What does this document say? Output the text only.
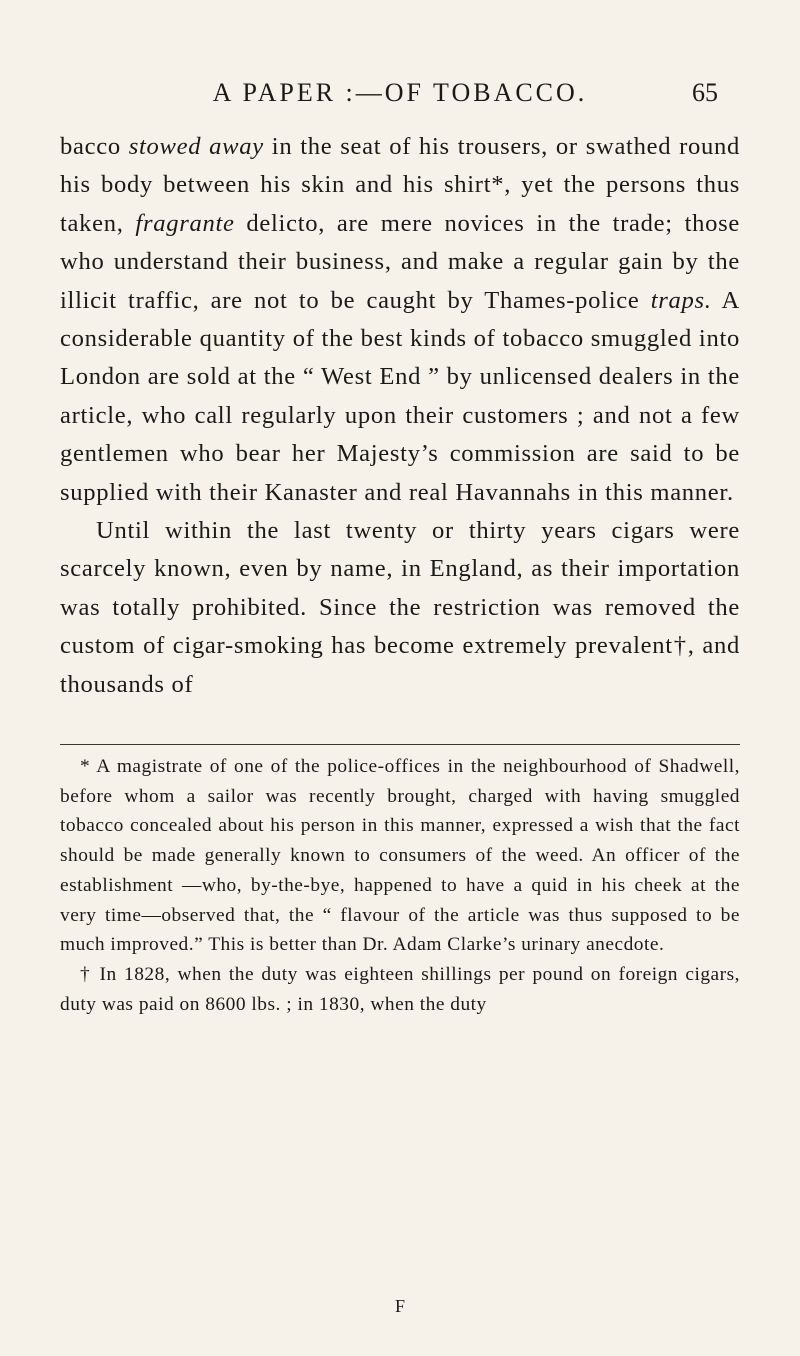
A PAPER :—OF TOBACCO.	65

bacco stowed away in the seat of his trousers, or swathed round his body between his skin and his shirt*, yet the persons thus taken, fragrante delicto, are mere novices in the trade; those who understand their business, and make a regular gain by the illicit traffic, are not to be caught by Thames-police traps. A considerable quantity of the best kinds of tobacco smuggled into London are sold at the “ West End ” by unlicensed dealers in the article, who call regularly upon their customers ; and not a few gentlemen who bear her Majesty’s commission are said to be supplied with their Kanaster and real Havannahs in this manner.

Until within the last twenty or thirty years cigars were scarcely known, even by name, in England, as their importation was totally prohibited. Since the restriction was removed the custom of cigar-smoking has become extremely prevalent†, and thousands of

* A magistrate of one of the police-offices in the neighbourhood of Shadwell, before whom a sailor was recently brought, charged with having smuggled tobacco concealed about his person in this manner, expressed a wish that the fact should be made generally known to consumers of the weed. An officer of the establishment —who, by-the-bye, happened to have a quid in his cheek at the very time—observed that, the “ flavour of the article was thus supposed to be much improved.” This is better than Dr. Adam Clarke’s urinary anecdote.

† In 1828, when the duty was eighteen shillings per pound on foreign cigars, duty was paid on 8600 lbs. ; in 1830, when the duty

F
